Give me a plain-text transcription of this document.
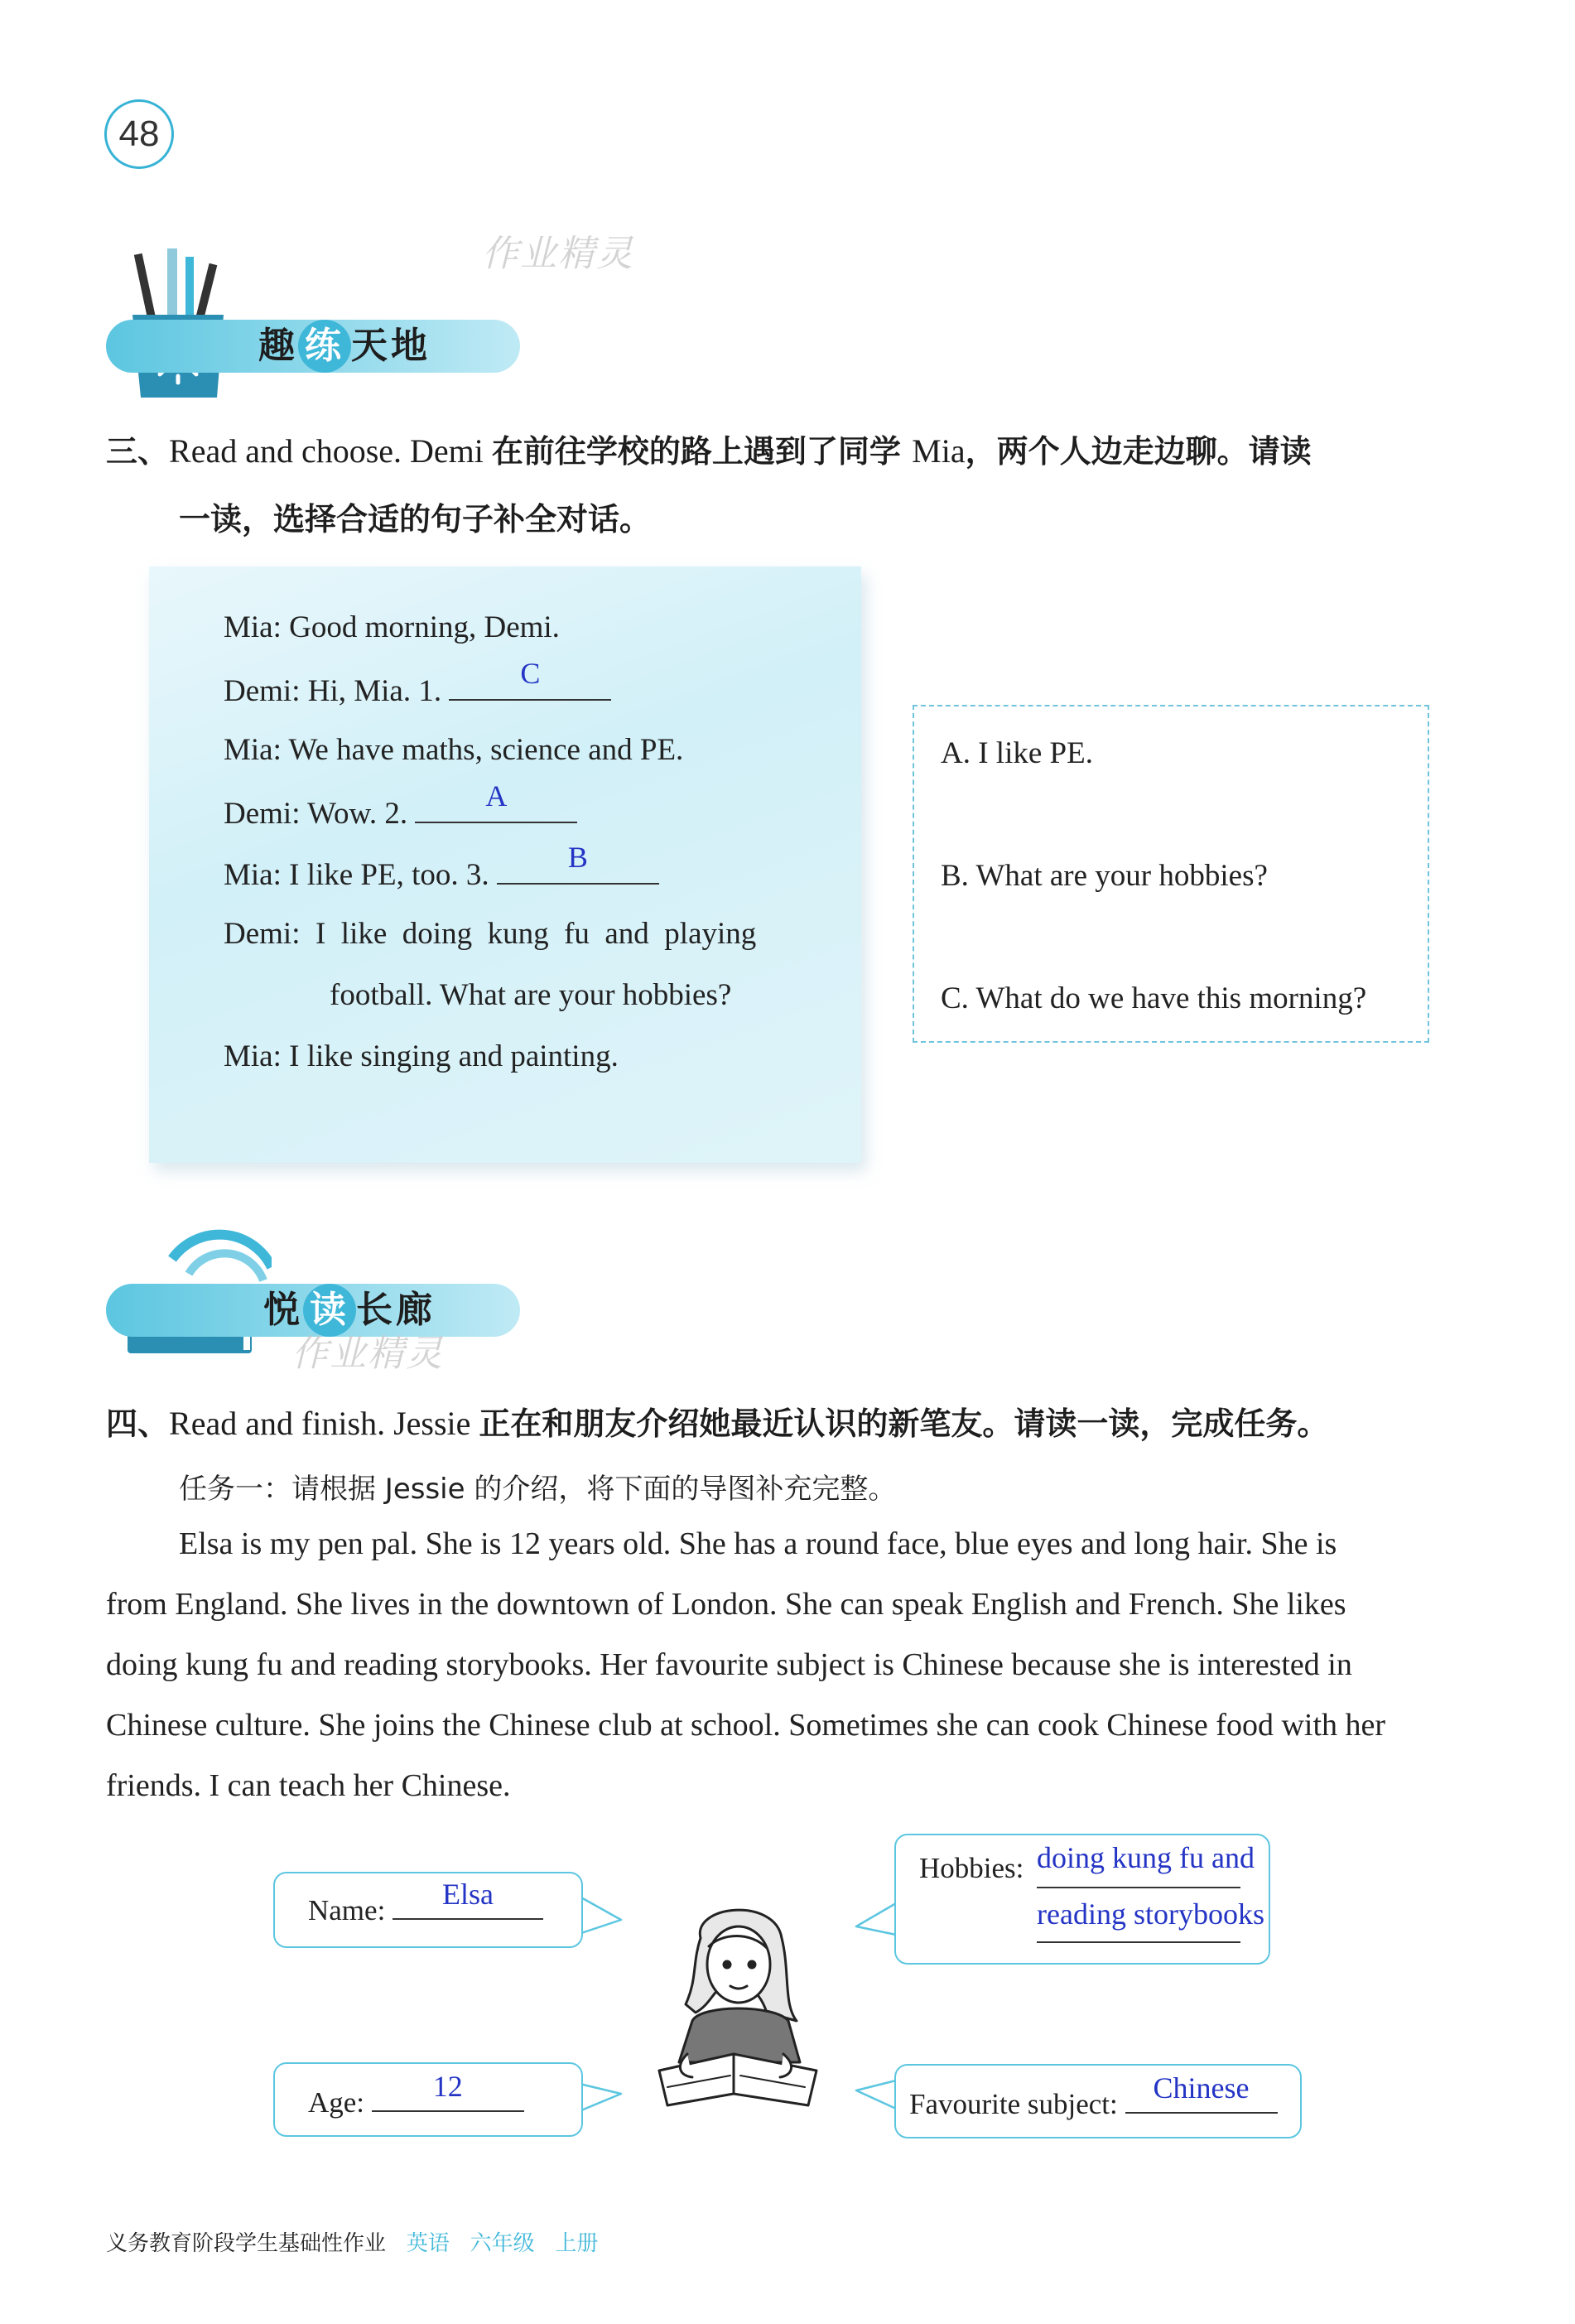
48
作业精灵
趣 练 天地
三、Read and choose. Demi 在前往学校的路上遇到了同学 Mia，两个人边走边聊。请读
一读，选择合适的句子补全对话。
Mia: Good morning, Demi.
Demi: Hi, Mia. 1.
C
Mia: We have maths, science and PE.
Demi: Wow. 2.
A
Mia: I like PE, too. 3.
B
Demi:  I  like  doing  kung  fu  and  playing
football. What are your hobbies?
Mia: I like singing and painting.
A. I like PE.
B. What are your hobbies?
C. What do we have this morning?
悦 读 长廊
作业精灵
四、Read and finish. Jessie 正在和朋友介绍她最近认识的新笔友。请读一读，完成任务。
任务一：请根据 Jessie 的介绍，将下面的导图补充完整。
Elsa is my pen pal. She is 12 years old. She has a round face, blue eyes and long hair. She is
from England. She lives in the downtown of London. She can speak English and French. She likes
doing kung fu and reading storybooks. Her favourite subject is Chinese because she is interested in
Chinese culture. She joins the Chinese club at school. Sometimes she can cook Chinese food with her
friends. I can teach her Chinese.
Name:	Elsa
Age:	12
Hobbies: doing kung fu and
reading storybooks
Favourite subject:	Chinese
义务教育阶段学生基础性作业 英语 六年级 上册
